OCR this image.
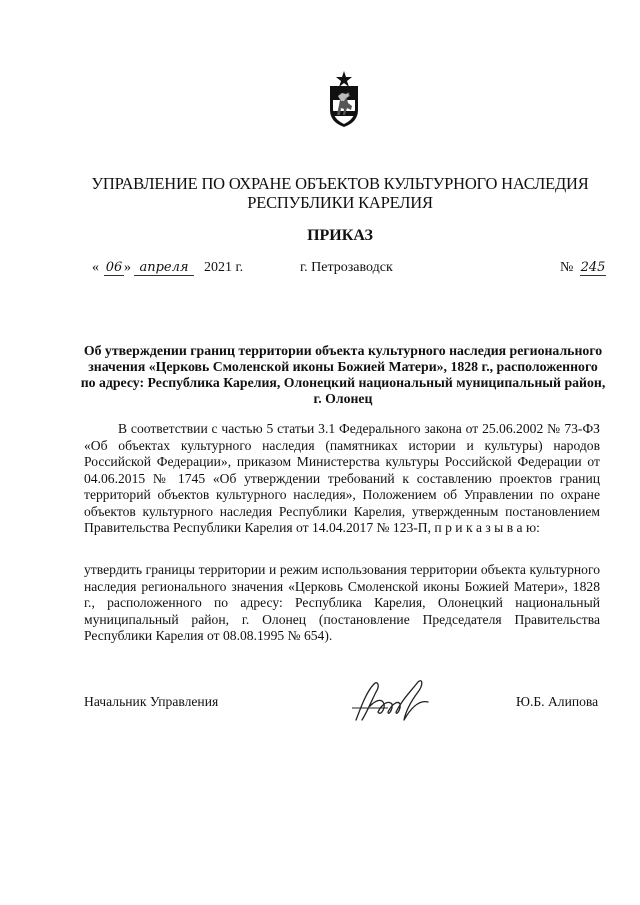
УПРАВЛЕНИЕ ПО ОХРАНЕ ОБЪЕКТОВ КУЛЬТУРНОГО НАСЛЕДИЯ
РЕСПУБЛИКИ КАРЕЛИЯ
ПРИКАЗ
« 06 » апреля	2021 г.	г. Петрозаводск	№ 245
Об утверждении границ территории объекта культурного наследия регионального значения «Церковь Смоленской иконы Божией Матери», 1828 г., расположенного по адресу: Республика Карелия, Олонецкий национальный муниципальный район, г. Олонец
В соответствии с частью 5 статьи 3.1 Федерального закона от 25.06.2002 № 73-ФЗ «Об объектах культурного наследия (памятниках истории и культуры) народов Российской Федерации», приказом Министерства культуры Российской Федерации от 04.06.2015 № 1745 «Об утверждении требований к составлению проектов границ территорий объектов культурного наследия», Положением об Управлении по охране объектов культурного наследия Республики Карелия, утвержденным постановлением Правительства Республики Карелия от 14.04.2017 № 123-П, п р и к а з ы в а ю:
утвердить границы территории и режим использования территории объекта культурного наследия регионального значения «Церковь Смоленской иконы Божией Матери», 1828 г., расположенного по адресу: Республика Карелия, Олонецкий национальный муниципальный район, г. Олонец (постановление Председателя Правительства Республики Карелия от 08.08.1995 № 654).
Начальник Управления	Ю.Б. Алипова
